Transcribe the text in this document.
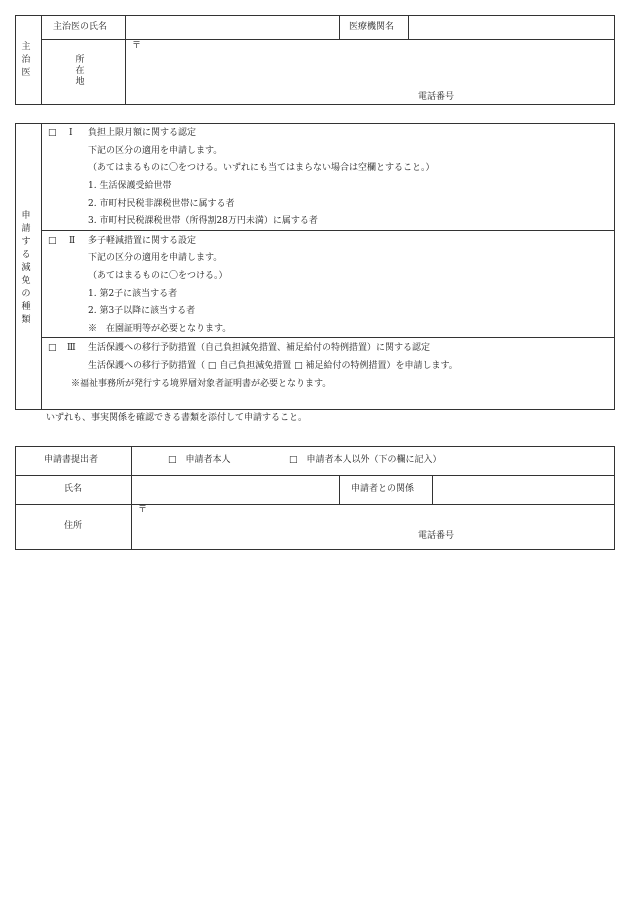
主
治
医
主治医の氏名	医療機関名
所
在
地
〒
電話番号
申
請
す
る
減
免
の
種
類
□ Ⅰ 負担上限月額に関する認定
下記の区分の適用を申請します。
（あてはまるものに〇をつける。いずれにも当てはまらない場合は空欄とすること。）
1. 生活保護受給世帯
2. 市町村民税非課税世帯に属する者
3. 市町村民税課税世帯（所得割28万円未満）に属する者
□ Ⅱ 多子軽減措置に関する設定
下記の区分の適用を申請します。
（あてはまるものに〇をつける。）
1. 第2子に該当する者
2. 第3子以降に該当する者
※　在園証明等が必要となります。
□ Ⅲ 生活保護への移行予防措置（自己負担減免措置、補足給付の特例措置）に関する認定
生活保護への移行予防措置（ □ 自己負担減免措置 □ 補足給付の特例措置）を申請します。
※福祉事務所が発行する境界層対象者証明書が必要となります。
いずれも、事実関係を確認できる書類を添付して申請すること。
申請書提出者	□　申請者本人	□　申請者本人以外（下の欄に記入）
氏名	申請者との関係
住所
〒
電話番号
